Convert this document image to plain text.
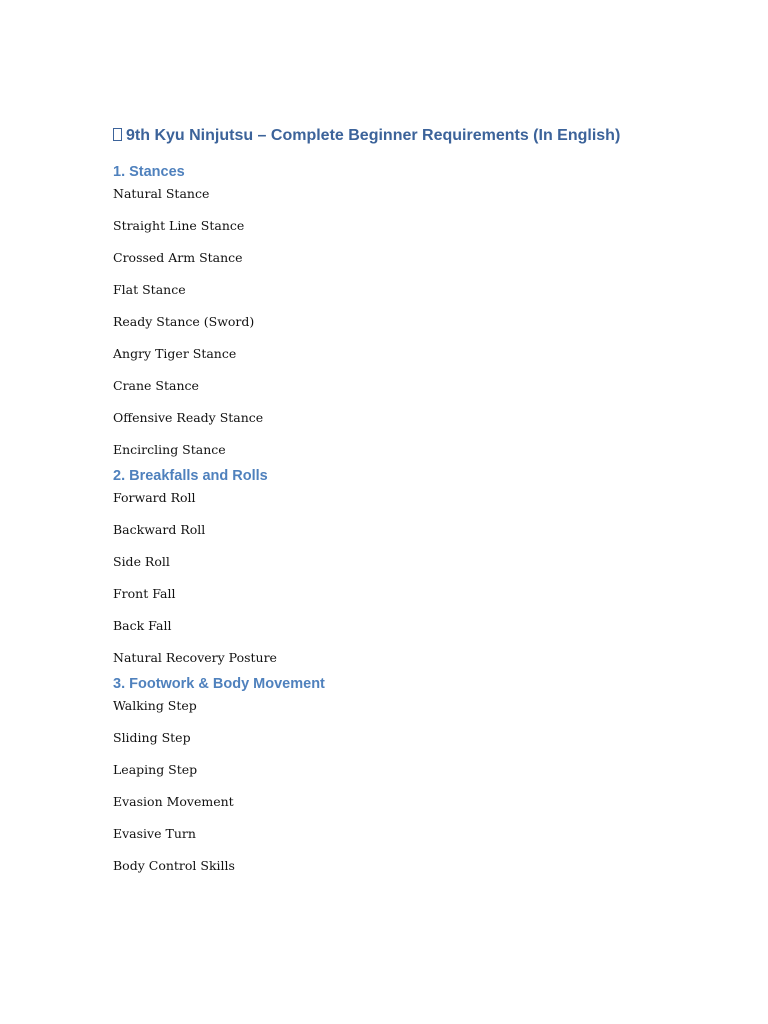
9th Kyu Ninjutsu – Complete Beginner Requirements (In English)
1. Stances
Natural Stance
Straight Line Stance
Crossed Arm Stance
Flat Stance
Ready Stance (Sword)
Angry Tiger Stance
Crane Stance
Offensive Ready Stance
Encircling Stance
2. Breakfalls and Rolls
Forward Roll
Backward Roll
Side Roll
Front Fall
Back Fall
Natural Recovery Posture
3. Footwork & Body Movement
Walking Step
Sliding Step
Leaping Step
Evasion Movement
Evasive Turn
Body Control Skills
